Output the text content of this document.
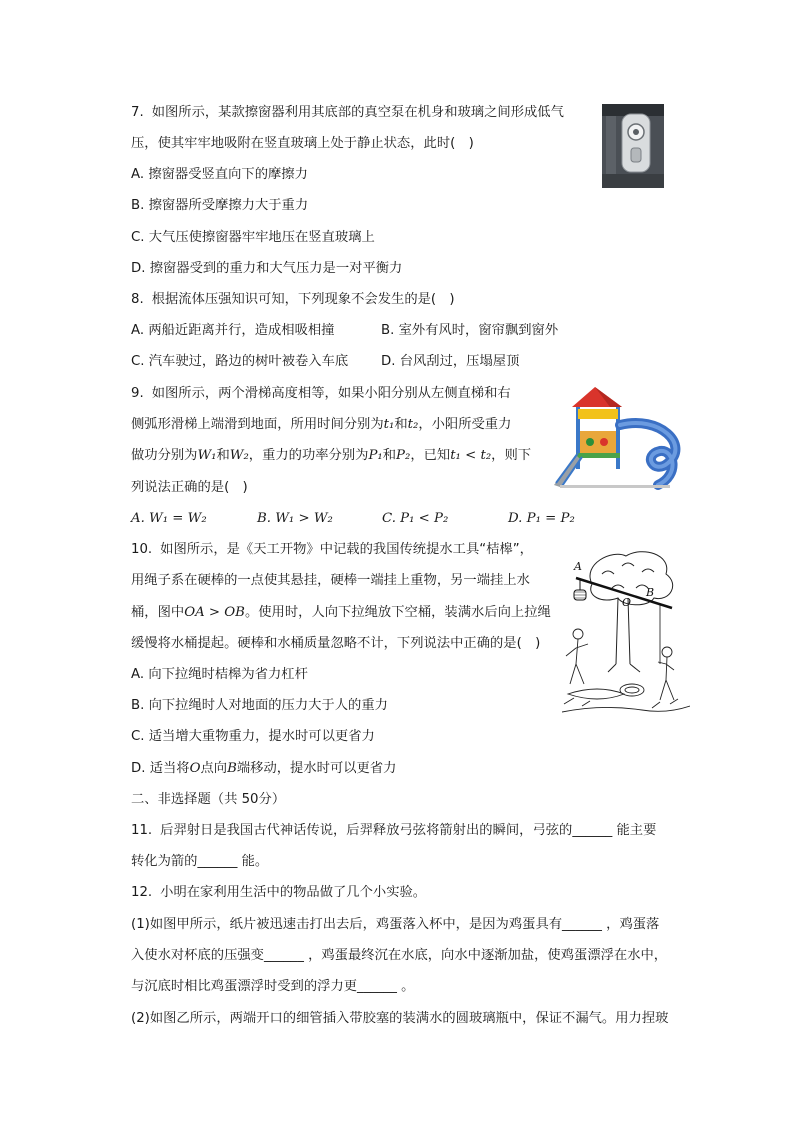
7. 如图所示，某款擦窗器利用其底部的真空泵在机身和玻璃之间形成低气
压，使其牢牢地吸附在竖直玻璃上处于静止状态，此时(　)
A. 擦窗器受竖直向下的摩擦力
B. 擦窗器所受摩擦力大于重力
C. 大气压使擦窗器牢牢地压在竖直玻璃上
D. 擦窗器受到的重力和大气压力是一对平衡力
8. 根据流体压强知识可知，下列现象不会发生的是(　)
A. 两船近距离并行，造成相吸相撞	B. 室外有风时，窗帘飘到窗外
C. 汽车驶过，路边的树叶被卷入车底 D. 台风刮过，压塌屋顶
9. 如图所示，两个滑梯高度相等，如果小阳分别从左侧直梯和右
侧弧形滑梯上端滑到地面，所用时间分别为t₁和t₂，小阳所受重力
做功分别为W₁和W₂，重力的功率分别为P₁和P₂，已知t₁ < t₂，则下
列说法正确的是(　)
A. W₁ = W₂	B. W₁ > W₂	C. P₁ < P₂	D. P₁ = P₂
10. 如图所示，是《天工开物》中记载的我国传统提水工具“桔槔”，
用绳子系在硬棒的一点使其悬挂，硬棒一端挂上重物，另一端挂上水
桶，图中OA > OB。使用时，人向下拉绳放下空桶，装满水后向上拉绳
缓慢将水桶提起。硬棒和水桶质量忽略不计，下列说法中正确的是(　)
A. 向下拉绳时桔槔为省力杠杆
B. 向下拉绳时人对地面的压力大于人的重力
C. 适当增大重物重力，提水时可以更省力
D. 适当将O点向B端移动，提水时可以更省力
A
B
O
二、非选择题（共 50分）
11. 后羿射日是我国古代神话传说，后羿释放弓弦将箭射出的瞬间，弓弦的______ 能主要
转化为箭的______ 能。
12. 小明在家利用生活中的物品做了几个小实验。
(1)如图甲所示，纸片被迅速击打出去后，鸡蛋落入杯中，是因为鸡蛋具有______ ，鸡蛋落
入使水对杯底的压强变______ ，鸡蛋最终沉在水底，向水中逐渐加盐，使鸡蛋漂浮在水中，
与沉底时相比鸡蛋漂浮时受到的浮力更______ 。
(2)如图乙所示，两端开口的细管插入带胶塞的装满水的圆玻璃瓶中，保证不漏气。用力捏玻
